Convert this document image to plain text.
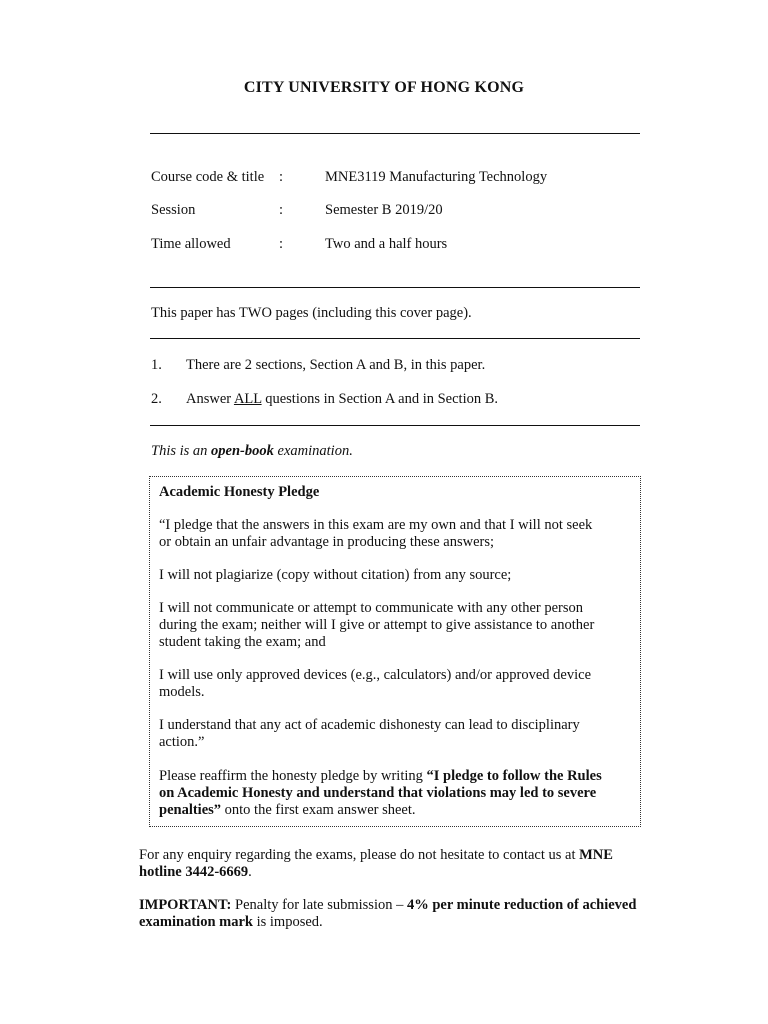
CITY UNIVERSITY OF HONG KONG
Course code & title :	MNE3119 Manufacturing Technology
Session	:	Semester B 2019/20
Time allowed	:	Two and a half hours
This paper has TWO pages (including this cover page).
1. There are 2 sections, Section A and B, in this paper.
2. Answer ALL questions in Section A and in Section B.
This is an open-book examination.
Academic Honesty Pledge
“I pledge that the answers in this exam are my own and that I will not seek
or obtain an unfair advantage in producing these answers;
I will not plagiarize (copy without citation) from any source;
I will not communicate or attempt to communicate with any other person
during the exam; neither will I give or attempt to give assistance to another
student taking the exam; and
I will use only approved devices (e.g., calculators) and/or approved device
models.
I understand that any act of academic dishonesty can lead to disciplinary
action.”
Please reaffirm the honesty pledge by writing “I pledge to follow the Rules
on Academic Honesty and understand that violations may led to severe
penalties” onto the first exam answer sheet.
For any enquiry regarding the exams, please do not hesitate to contact us at MNE
hotline 3442-6669.
IMPORTANT: Penalty for late submission – 4% per minute reduction of achieved
examination mark is imposed.
